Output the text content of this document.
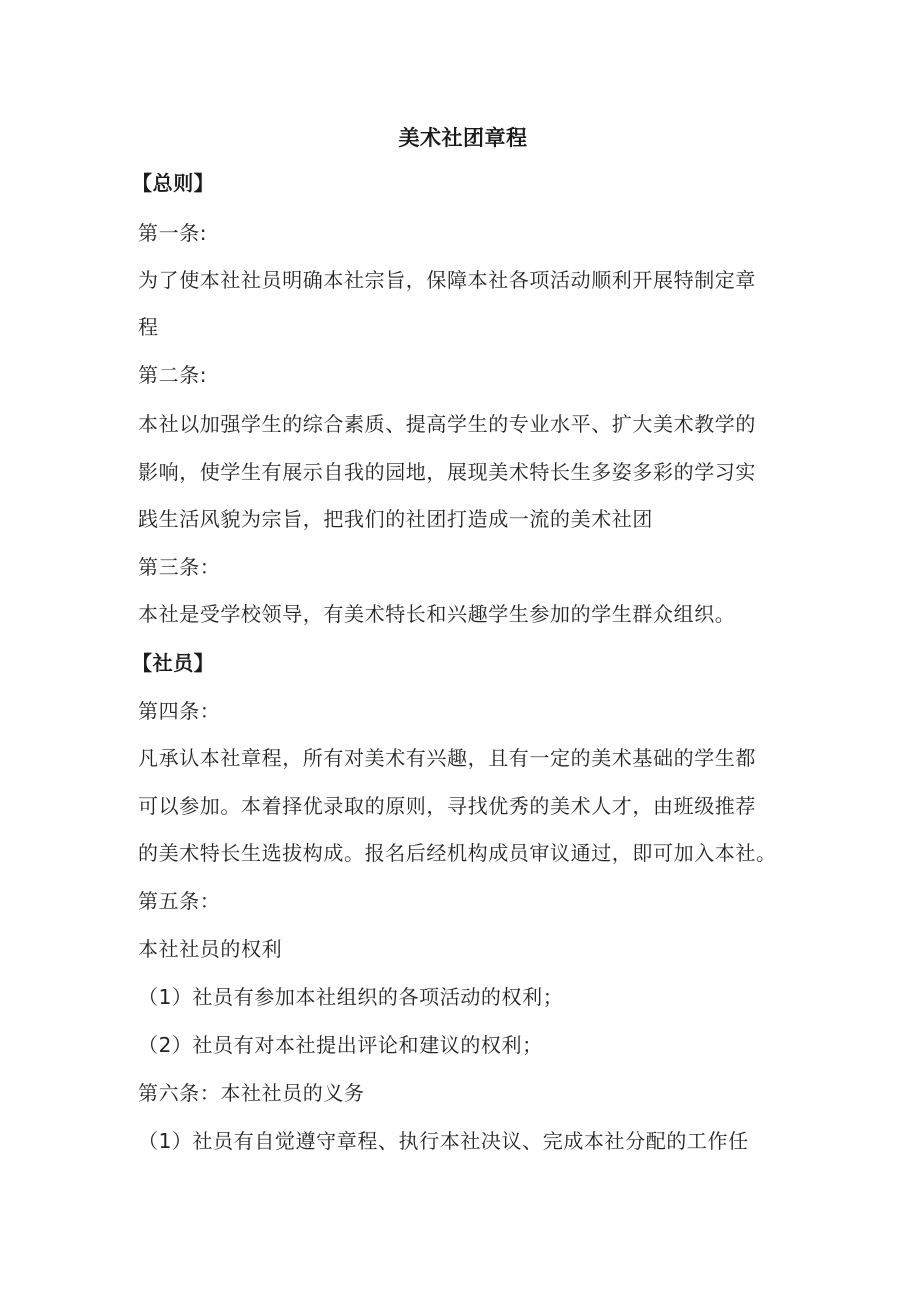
美术社团章程
【总则】
第一条:
为了使本社社员明确本社宗旨，保障本社各项活动顺利开展特制定章
程
第二条:
本社以加强学生的综合素质、提高学生的专业水平、扩大美术教学的
影响，使学生有展示自我的园地，展现美术特长生多姿多彩的学习实
践生活风貌为宗旨，把我们的社团打造成一流的美术社团
第三条：
本社是受学校领导，有美术特长和兴趣学生参加的学生群众组织。
【社员】
第四条：
凡承认本社章程，所有对美术有兴趣，且有一定的美术基础的学生都
可以参加。本着择优录取的原则，寻找优秀的美术人才，由班级推荐
的美术特长生选拔构成。报名后经机构成员审议通过，即可加入本社。
第五条：
本社社员的权利
（1）社员有参加本社组织的各项活动的权利；
（2）社员有对本社提出评论和建议的权利；
第六条：本社社员的义务
（1）社员有自觉遵守章程、执行本社决议、完成本社分配的工作任
